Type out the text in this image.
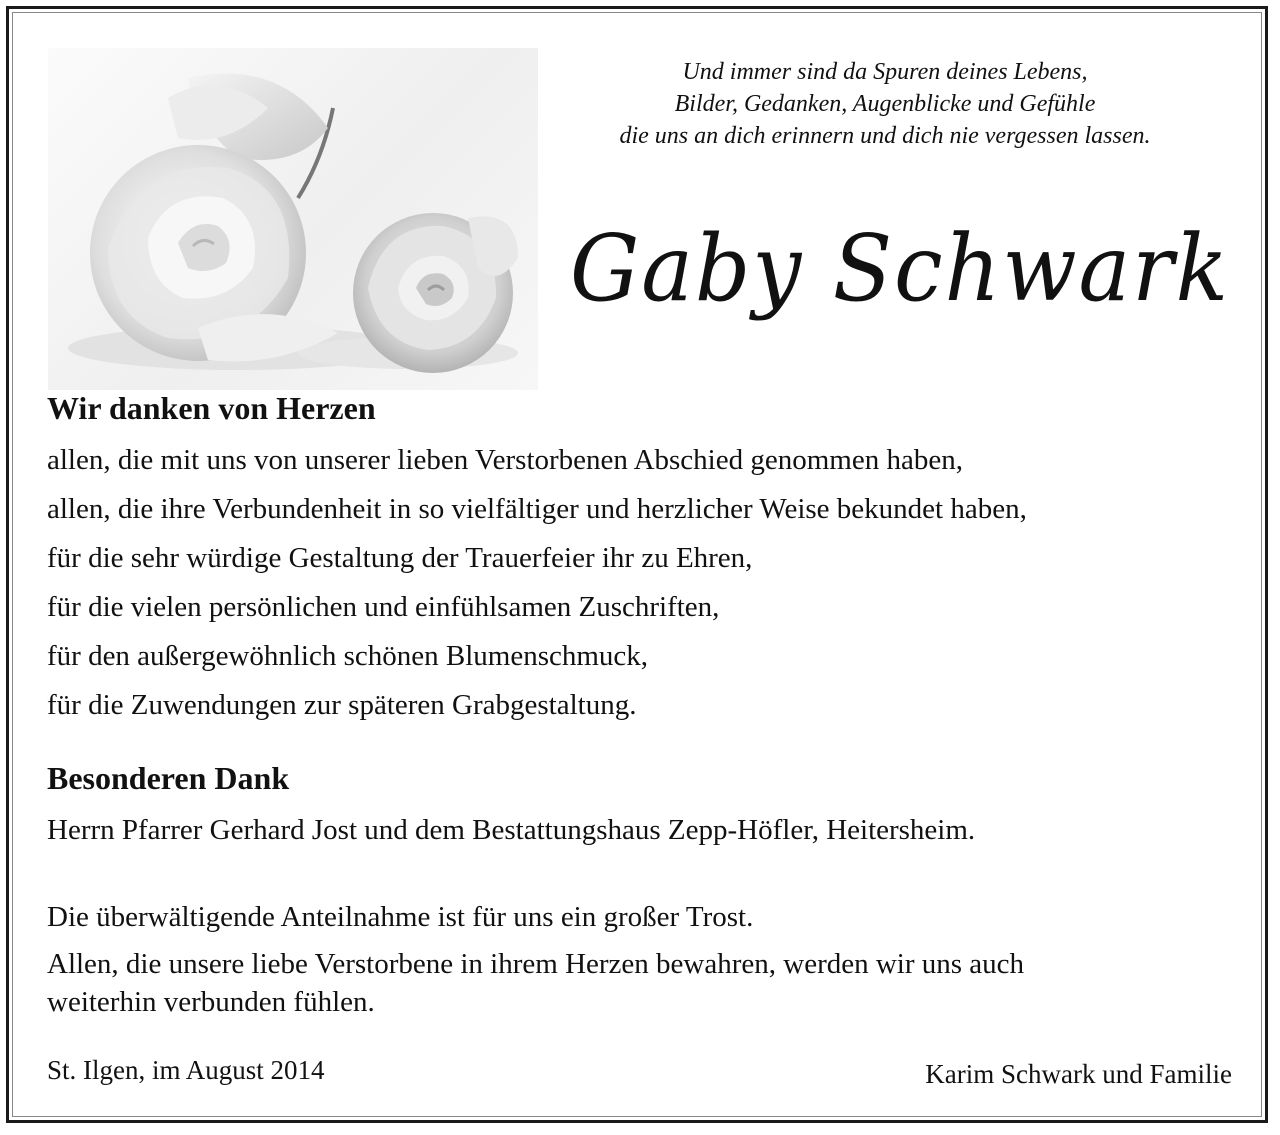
Und immer sind da Spuren deines Lebens,
Bilder, Gedanken, Augenblicke und Gefühle
die uns an dich erinnern und dich nie vergessen lassen.
Gaby Schwark
Wir danken von Herzen
allen, die mit uns von unserer lieben Verstorbenen Abschied genommen haben,
allen, die ihre Verbundenheit in so vielfältiger und herzlicher Weise bekundet haben,
für die sehr würdige Gestaltung der Trauerfeier ihr zu Ehren,
für die vielen persönlichen und einfühlsamen Zuschriften,
für den außergewöhnlich schönen Blumenschmuck,
für die Zuwendungen zur späteren Grabgestaltung.
Besonderen Dank
Herrn Pfarrer Gerhard Jost und dem Bestattungshaus Zepp-Höfler, Heitersheim.
Die überwältigende Anteilnahme ist für uns ein großer Trost.
Allen, die unsere liebe Verstorbene in ihrem Herzen bewahren, werden wir uns auch
weiterhin verbunden fühlen.
St. Ilgen, im August 2014	Karim Schwark und Familie
